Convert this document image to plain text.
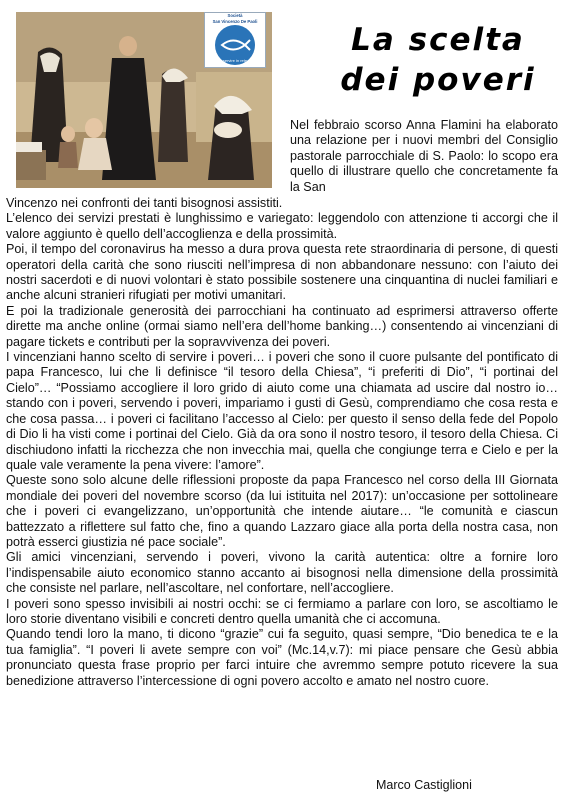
Società
San Vincenzo De Paoli
servire in rete
La scelta
dei poveri
Nel febbraio scorso Anna Flamini ha elaborato una relazione per i nuovi membri del Consiglio pastorale parrocchiale di S. Paolo: lo scopo era quello di illustrare quello che concretamente fa la San

Vincenzo nei confronti dei tanti bisognosi assistiti.

L’elenco dei servizi prestati è lunghissimo e variegato: leggendolo con attenzione ti accorgi che il valore aggiunto è quello dell’accoglienza e della prossimità.

Poi, il tempo del coronavirus ha messo a dura prova questa rete straordinaria di persone, di questi operatori della carità che sono riusciti nell’impresa di non abbandonare nessuno: con l’aiuto dei nostri sacerdoti e di nuovi volontari è stato possibile sostenere una cinquantina di nuclei familiari e anche alcuni stranieri rifugiati per motivi umanitari.

E poi la tradizionale generosità dei parrocchiani ha continuato ad esprimersi attraverso offerte dirette ma anche online (ormai siamo nell’era dell’home banking…) consentendo ai vincenziani di pagare tickets e contributi per la sopravvivenza dei poveri.

I vincenziani hanno scelto di servire i poveri… i poveri che sono il cuore pulsante del pontificato di papa Francesco, lui che li definisce “il tesoro della Chiesa”, “i preferiti di Dio”, “i portinai del Cielo”… “Possiamo accogliere il loro grido di aiuto come una chiamata ad uscire dal nostro io… stando con i poveri, servendo i poveri, impariamo i gusti di Gesù, comprendiamo che cosa resta e che cosa passa… i poveri ci facilitano l’accesso al Cielo: per questo il senso della fede del Popolo di Dio li ha visti come i portinai del Cielo. Già da ora sono il nostro tesoro, il tesoro della Chiesa. Ci dischiudono infatti la ricchezza che non invecchia mai, quella che congiunge terra e Cielo e per la quale vale veramente la pena vivere: l’amore”.

Queste sono solo alcune delle riflessioni proposte da papa Francesco nel corso della III Giornata mondiale dei poveri del novembre scorso (da lui istituita nel 2017): un’occasione per sottolineare che i poveri ci evangelizzano, un’opportunità che intende aiutare… “le comunità e ciascun battezzato a riflettere sul fatto che, fino a quando Lazzaro giace alla porta della nostra casa, non potrà esserci giustizia né pace sociale”.

Gli amici vincenziani, servendo i poveri, vivono la carità autentica: oltre a fornire loro l’indispensabile aiuto economico stanno accanto ai bisognosi nella dimensione della prossimità che consiste nel parlare, nell’ascoltare, nel confortare, nell’accogliere.

I poveri sono spesso invisibili ai nostri occhi: se ci fermiamo a parlare con loro, se ascoltiamo le loro storie diventano visibili e concreti dentro quella umanità che ci accomuna.

Quando tendi loro la mano, ti dicono “grazie” cui fa seguito, quasi sempre, “Dio benedica te e la tua famiglia”. “I poveri li avete sempre con voi” (Mc.14,v.7): mi piace pensare che Gesù abbia pronunciato questa frase proprio per farci intuire che avremmo sempre potuto ricevere la sua benedizione attraverso l’intercessione di ogni povero accolto e amato nel nostro cuore.

Marco Castiglioni
